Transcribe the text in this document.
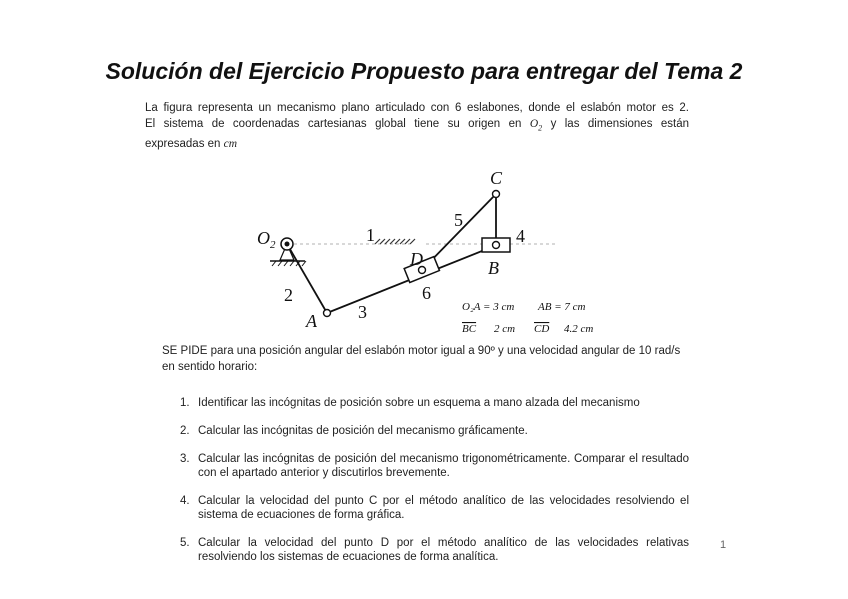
Solución del Ejercicio Propuesto para entregar del Tema 2
La figura representa un mecanismo plano articulado con 6 eslabones, donde el eslabón motor es 2.
El sistema de coordenadas cartesianas global tiene su origen en $O_2$ y las dimensiones están
expresadas en cm
$O_2$
A
B
C
D
1
2
3
4
5
6
O₂A = 3 cm AB = 7 cm
BC 2 cm CD 4.2 cm
SE PIDE para una posición angular del eslabón motor igual a 90º y una velocidad angular de 10 rad/s en sentido horario:
1. Identificar las incógnitas de posición sobre un esquema a mano alzada del mecanismo
2. Calcular las incógnitas de posición del mecanismo gráficamente.
3. Calcular las incógnitas de posición del mecanismo trigonométricamente. Comparar el resultado con el apartado anterior y discutirlos brevemente.
4. Calcular la velocidad del punto C por el método analítico de las velocidades resolviendo el sistema de ecuaciones de forma gráfica.
5. Calcular la velocidad del punto D por el método analítico de las velocidades relativas resolviendo los sistemas de ecuaciones de forma analítica.
1
